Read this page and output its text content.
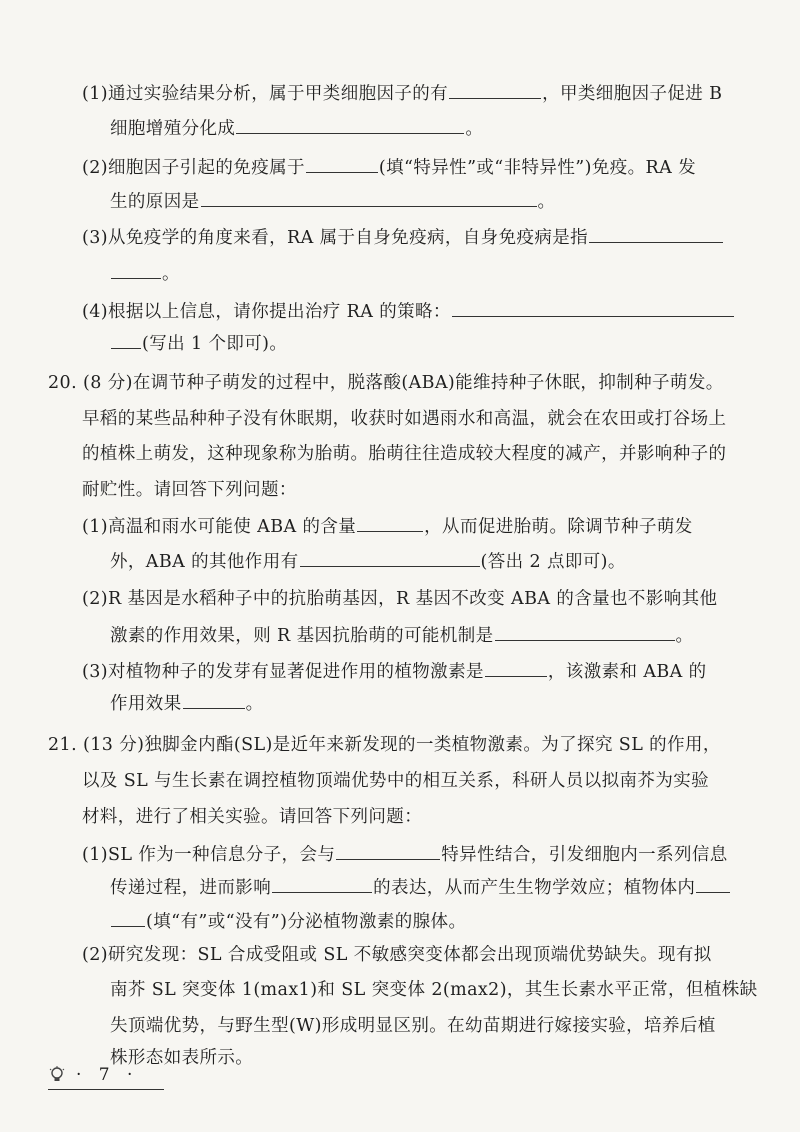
(1)通过实验结果分析，属于甲类细胞因子的有	，甲类细胞因子促进 B
细胞增殖分化成	。
(2)细胞因子引起的免疫属于	(填“特异性”或“非特异性”)免疫。RA 发
生的原因是	。
(3)从免疫学的角度来看，RA 属于自身免疫病，自身免疫病是指
。
(4)根据以上信息，请你提出治疗 RA 的策略：
(写出 1 个即可)。
20. (8 分)在调节种子萌发的过程中，脱落酸(ABA)能维持种子休眠，抑制种子萌发。
早稻的某些品种种子没有休眠期，收获时如遇雨水和高温，就会在农田或打谷场上
的植株上萌发，这种现象称为胎萌。胎萌往往造成较大程度的减产，并影响种子的
耐贮性。请回答下列问题：
(1)高温和雨水可能使 ABA 的含量	，从而促进胎萌。除调节种子萌发
外，ABA 的其他作用有	(答出 2 点即可)。
(2)R 基因是水稻种子中的抗胎萌基因，R 基因不改变 ABA 的含量也不影响其他
激素的作用效果，则 R 基因抗胎萌的可能机制是	。
(3)对植物种子的发芽有显著促进作用的植物激素是	，该激素和 ABA 的
作用效果	。
21. (13 分)独脚金内酯(SL)是近年来新发现的一类植物激素。为了探究 SL 的作用，
以及 SL 与生长素在调控植物顶端优势中的相互关系，科研人员以拟南芥为实验
材料，进行了相关实验。请回答下列问题：
(1)SL 作为一种信息分子，会与	特异性结合，引发细胞内一系列信息
传递过程，进而影响	的表达，从而产生生物学效应；植物体内
(填“有”或“没有”)分泌植物激素的腺体。
(2)研究发现：SL 合成受阻或 SL 不敏感突变体都会出现顶端优势缺失。现有拟
南芥 SL 突变体 1(max1)和 SL 突变体 2(max2)，其生长素水平正常，但植株缺
失顶端优势，与野生型(W)形成明显区别。在幼苗期进行嫁接实验，培养后植
株形态如表所示。
· 7 ·
